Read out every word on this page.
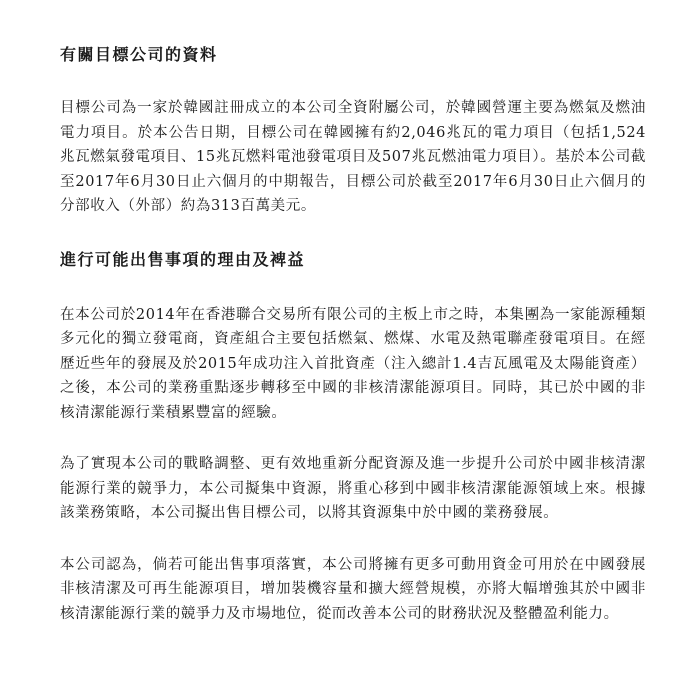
有關目標公司的資料

目標公司為一家於韓國註冊成立的本公司全資附屬公司，於韓國營運主要為燃氣及燃油電力項目。於本公告日期，目標公司在韓國擁有約2,046兆瓦的電力項目（包括1,524兆瓦燃氣發電項目、15兆瓦燃料電池發電項目及507兆瓦燃油電力項目）。基於本公司截至2017年6月30日止六個月的中期報告，目標公司於截至2017年6月30日止六個月的分部收入（外部）約為313百萬美元。

進行可能出售事項的理由及裨益

在本公司於2014年在香港聯合交易所有限公司的主板上市之時，本集團為一家能源種類多元化的獨立發電商，資產組合主要包括燃氣、燃煤、水電及熱電聯產發電項目。在經歷近些年的發展及於2015年成功注入首批資產（注入總計1.4吉瓦風電及太陽能資產）之後，本公司的業務重點逐步轉移至中國的非核清潔能源項目。同時，其已於中國的非核清潔能源行業積累豐富的經驗。

為了實現本公司的戰略調整、更有效地重新分配資源及進一步提升公司於中國非核清潔能源行業的競爭力，本公司擬集中資源，將重心移到中國非核清潔能源領域上來。根據該業務策略，本公司擬出售目標公司，以將其資源集中於中國的業務發展。

本公司認為，倘若可能出售事項落實，本公司將擁有更多可動用資金可用於在中國發展非核清潔及可再生能源項目，增加裝機容量和擴大經營規模，亦將大幅增強其於中國非核清潔能源行業的競爭力及市場地位，從而改善本公司的財務狀況及整體盈利能力。
